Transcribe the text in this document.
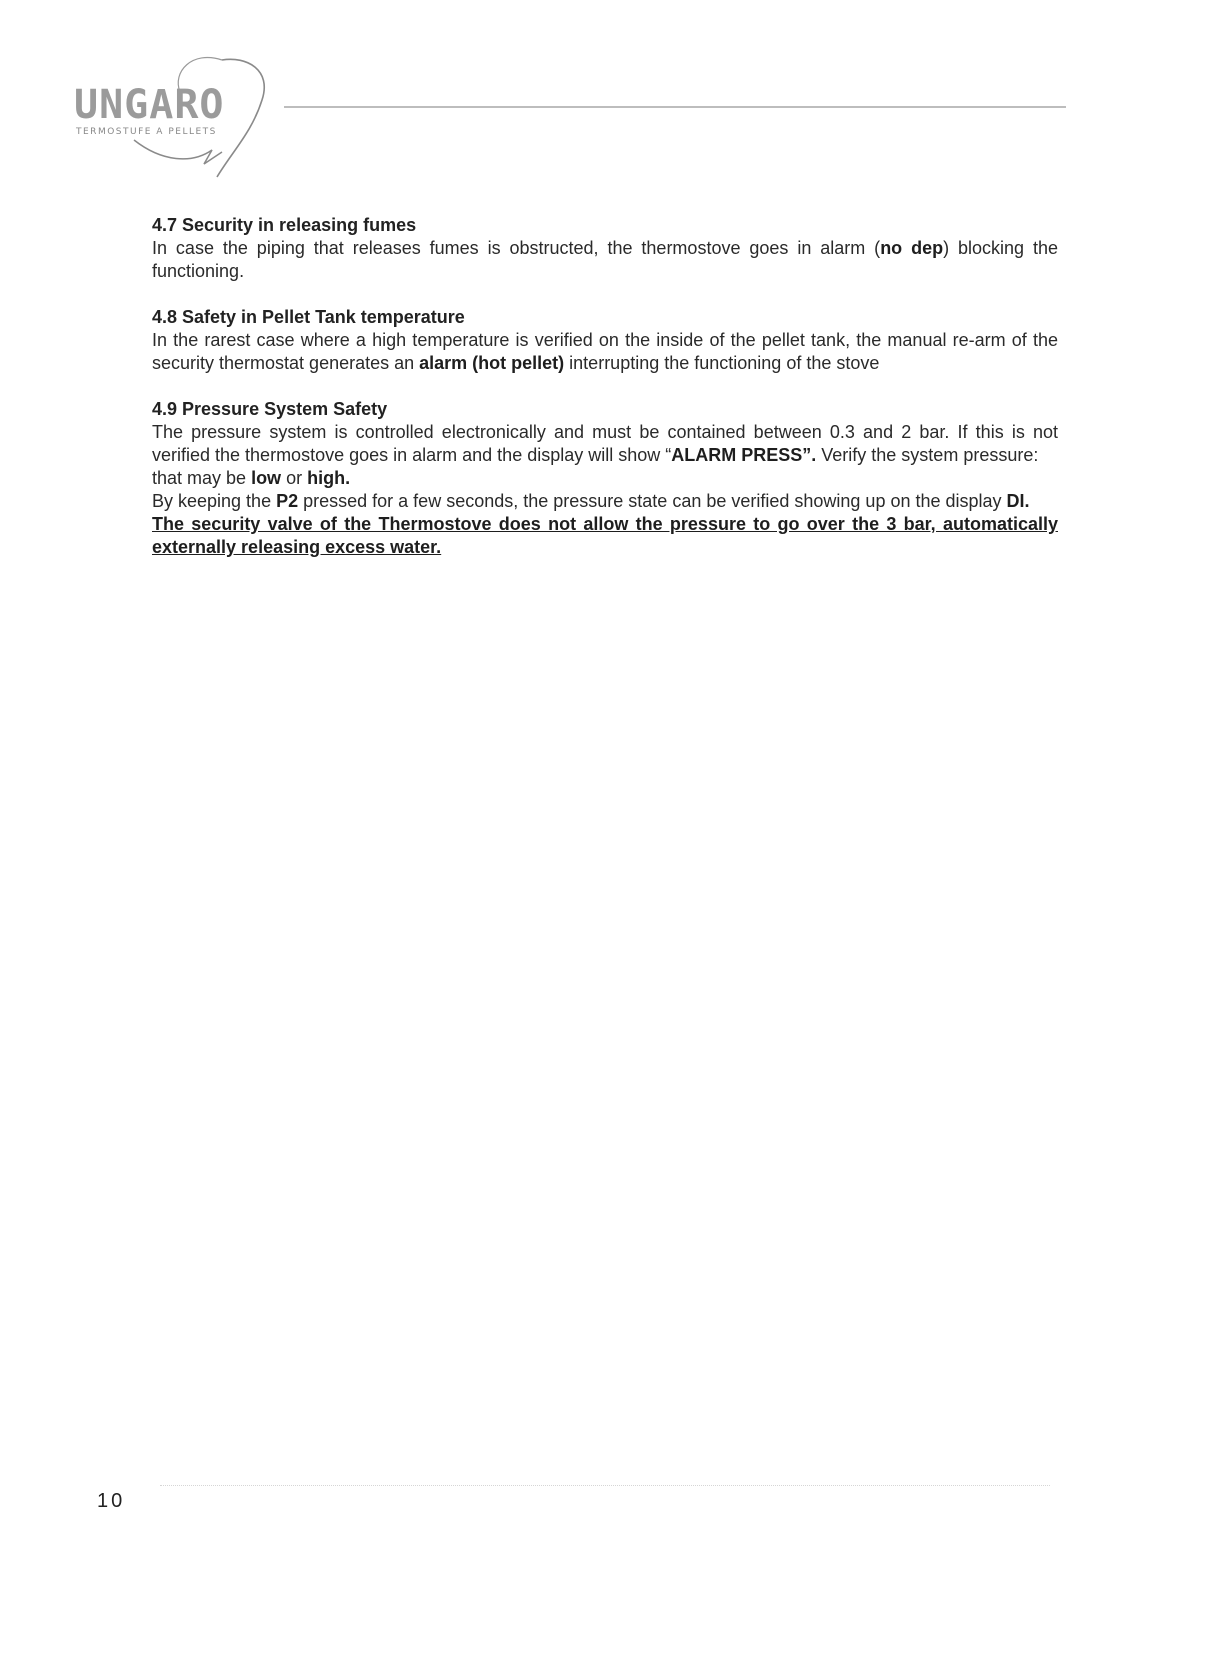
UNGARO
TERMOSTUFE A PELLETS
4.7 Security in releasing fumes

In case the piping that releases fumes is obstructed, the thermostove goes in alarm (no dep) blocking the functioning.

4.8 Safety in Pellet Tank temperature

In the rarest case where a high temperature is verified on the inside of the pellet tank, the manual re-arm of the security thermostat generates an alarm (hot pellet) interrupting the functioning of the stove

4.9 Pressure System Safety

The pressure system is controlled electronically and must be contained between 0.3 and 2 bar. If this is not verified the thermostove goes in alarm and the display will show “ALARM PRESS”. Verify the system pressure:

that may be low or high.

By keeping the P2 pressed for a few seconds, the pressure state can be verified showing up on the display DI.

The security valve of the Thermostove does not allow the pressure to go over the 3 bar, automatically externally releasing excess water.

10
